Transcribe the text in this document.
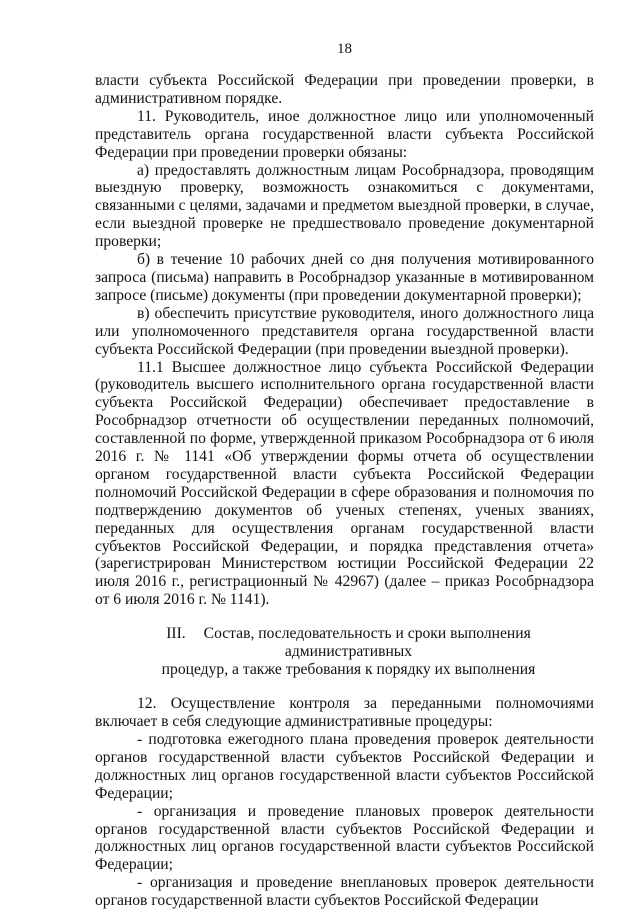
18

власти субъекта Российской Федерации при проведении проверки, в административном порядке.

11. Руководитель, иное должностное лицо или уполномоченный представитель органа государственной власти субъекта Российской Федерации при проведении проверки обязаны:

а) предоставлять должностным лицам Рособрнадзора, проводящим выездную проверку, возможность ознакомиться с документами, связанными с целями, задачами и предметом выездной проверки, в случае, если выездной проверке не предшествовало проведение документарной проверки;

б) в течение 10 рабочих дней со дня получения мотивированного запроса (письма) направить в Рособрнадзор указанные в мотивированном запросе (письме) документы (при проведении документарной проверки);

в) обеспечить присутствие руководителя, иного должностного лица или уполномоченного представителя органа государственной власти субъекта Российской Федерации (при проведении выездной проверки).

11.1 Высшее должностное лицо субъекта Российской Федерации (руководитель высшего исполнительного органа государственной власти субъекта Российской Федерации) обеспечивает предоставление в Рособрнадзор отчетности об осуществлении переданных полномочий, составленной по форме, утвержденной приказом Рособрнадзора от 6 июля 2016 г. № 1141 «Об утверждении формы отчета об осуществлении органом государственной власти субъекта Российской Федерации полномочий Российской Федерации в сфере образования и полномочия по подтверждению документов об ученых степенях, ученых званиях, переданных для осуществления органам государственной власти субъектов Российской Федерации, и порядка представления отчета» (зарегистрирован Министерством юстиции Российской Федерации 22 июля 2016 г., регистрационный № 42967) (далее – приказ Рособрнадзора от 6 июля 2016 г. № 1141).

III. Состав, последовательность и сроки выполнения административных
процедур, а также требования к порядку их выполнения

12. Осуществление контроля за переданными полномочиями включает в себя следующие административные процедуры:

- подготовка ежегодного плана проведения проверок деятельности органов государственной власти субъектов Российской Федерации и должностных лиц органов государственной власти субъектов Российской Федерации;

- организация и проведение плановых проверок деятельности органов государственной власти субъектов Российской Федерации и должностных лиц органов государственной власти субъектов Российской Федерации;

- организация и проведение внеплановых проверок деятельности органов государственной власти субъектов Российской Федерации
